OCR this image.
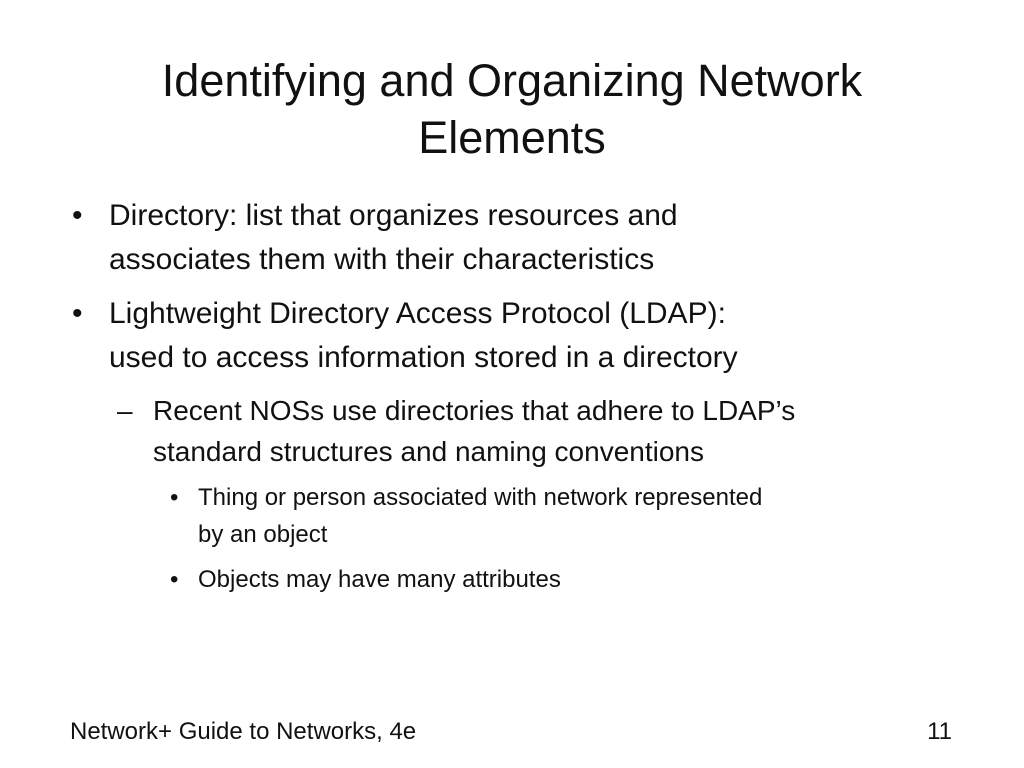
Identifying and Organizing Network
Elements
• Directory: list that organizes resources and
associates them with their characteristics
• Lightweight Directory Access Protocol (LDAP):
used to access information stored in a directory
– Recent NOSs use directories that adhere to LDAP’s
standard structures and naming conventions
• Thing or person associated with network represented
by an object
• Objects may have many attributes
Network+ Guide to Networks, 4e	11
